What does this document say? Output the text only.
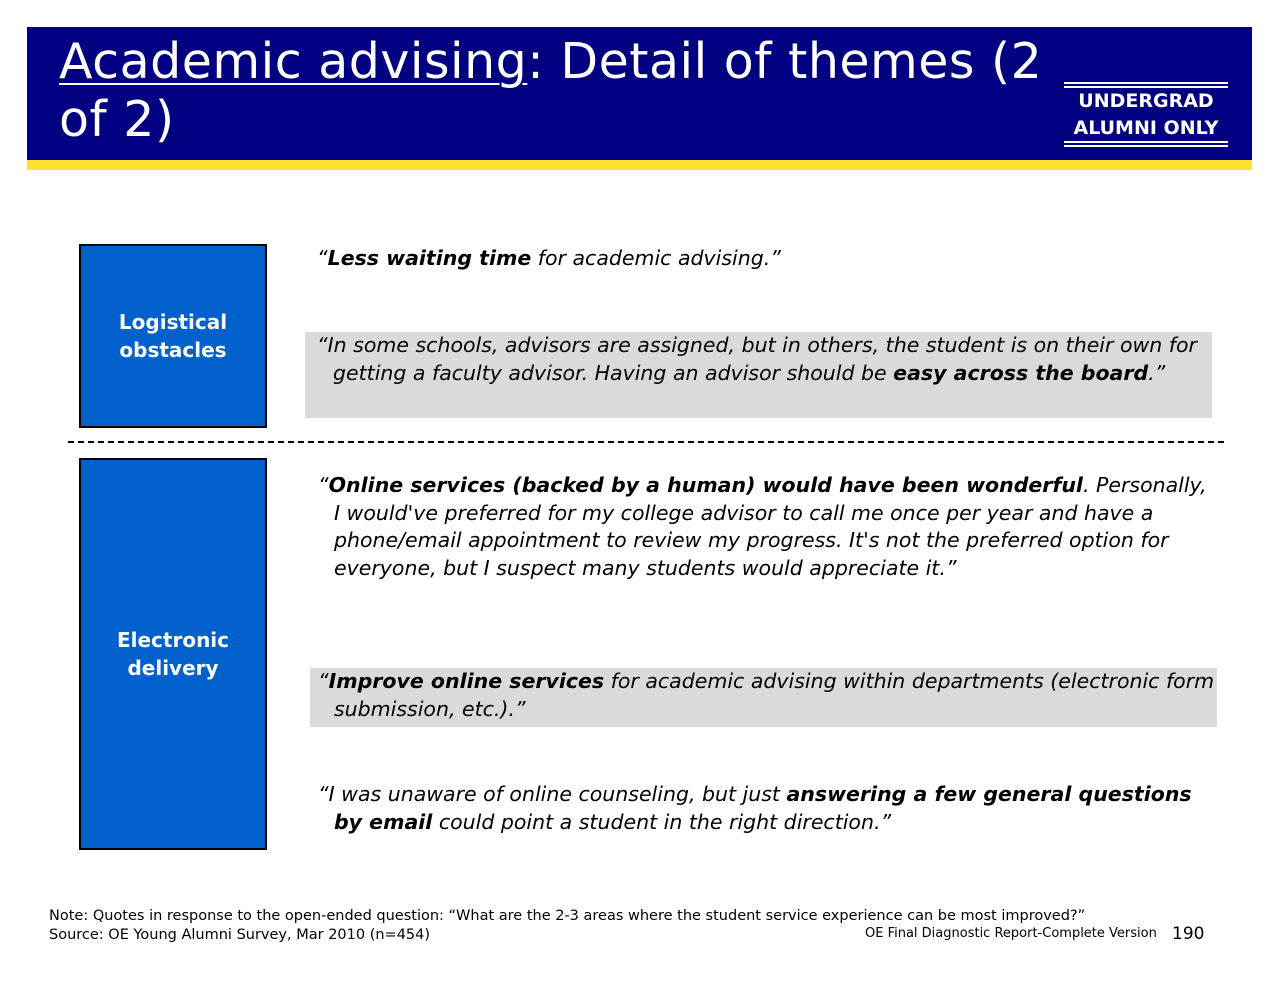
Academic advising: Detail of themes (2 of 2)	UNDERGRAD
ALUMNI ONLY
Logistical obstacles
“Less waiting time for academic advising.”
“In some schools, advisors are assigned, but in others, the student is on their own for getting a faculty advisor. Having an advisor should be easy across the board.”
Electronic delivery
“Online services (backed by a human) would have been wonderful. Personally, I would've preferred for my college advisor to call me once per year and have a phone/email appointment to review my progress. It's not the preferred option for everyone, but I suspect many students would appreciate it.”
“Improve online services for academic advising within departments (electronic form submission, etc.).”
“I was unaware of online counseling, but just answering a few general questions by email could point a student in the right direction.”
Note: Quotes in response to the open-ended question: “What are the 2-3 areas where the student service experience can be most improved?”
Source: OE Young Alumni Survey, Mar 2010 (n=454)	OE Final Diagnostic Report-Complete Version 190
